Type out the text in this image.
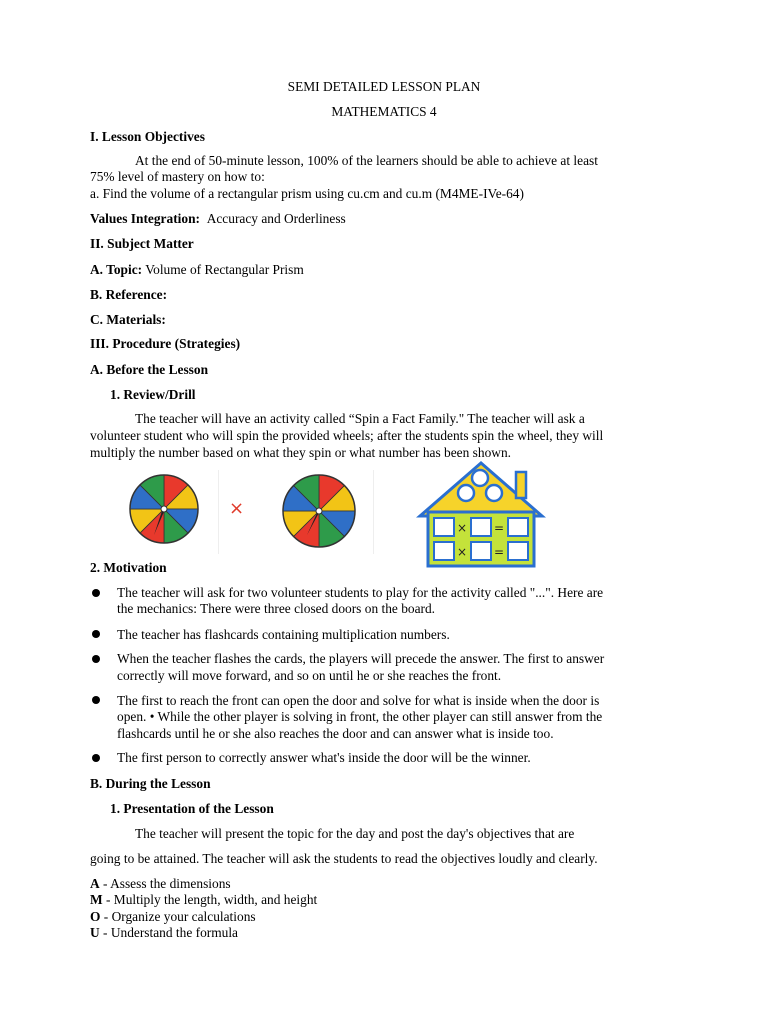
SEMI DETAILED LESSON PLAN
MATHEMATICS 4
I. Lesson Objectives
At the end of 50-minute lesson, 100% of the learners should be able to achieve at least
75% level of mastery on how to:
a. Find the volume of a rectangular prism using cu.cm and cu.m (M4ME-IVe-64)
Values Integration: Accuracy and Orderliness
II. Subject Matter
A. Topic: Volume of Rectangular Prism
B. Reference:
C. Materials:
III. Procedure (Strategies)
A. Before the Lesson
1. Review/Drill
The teacher will have an activity called “Spin a Fact Family." The teacher will ask a
volunteer student who will spin the provided wheels; after the students spin the wheel, they will
multiply the number based on what they spin or what number has been shown.
×
× =
× =
2. Motivation
The teacher will ask for two volunteer students to play for the activity called "...". Here are
the mechanics: There were three closed doors on the board.
The teacher has flashcards containing multiplication numbers.
When the teacher flashes the cards, the players will precede the answer. The first to answer
correctly will move forward, and so on until he or she reaches the front.
The first to reach the front can open the door and solve for what is inside when the door is
open. • While the other player is solving in front, the other player can still answer from the
flashcards until he or she also reaches the door and can answer what is inside too.
The first person to correctly answer what's inside the door will be the winner.
B. During the Lesson
1. Presentation of the Lesson
The teacher will present the topic for the day and post the day's objectives that are
going to be attained. The teacher will ask the students to read the objectives loudly and clearly.
A - Assess the dimensions
M - Multiply the length, width, and height
O - Organize your calculations
U - Understand the formula
